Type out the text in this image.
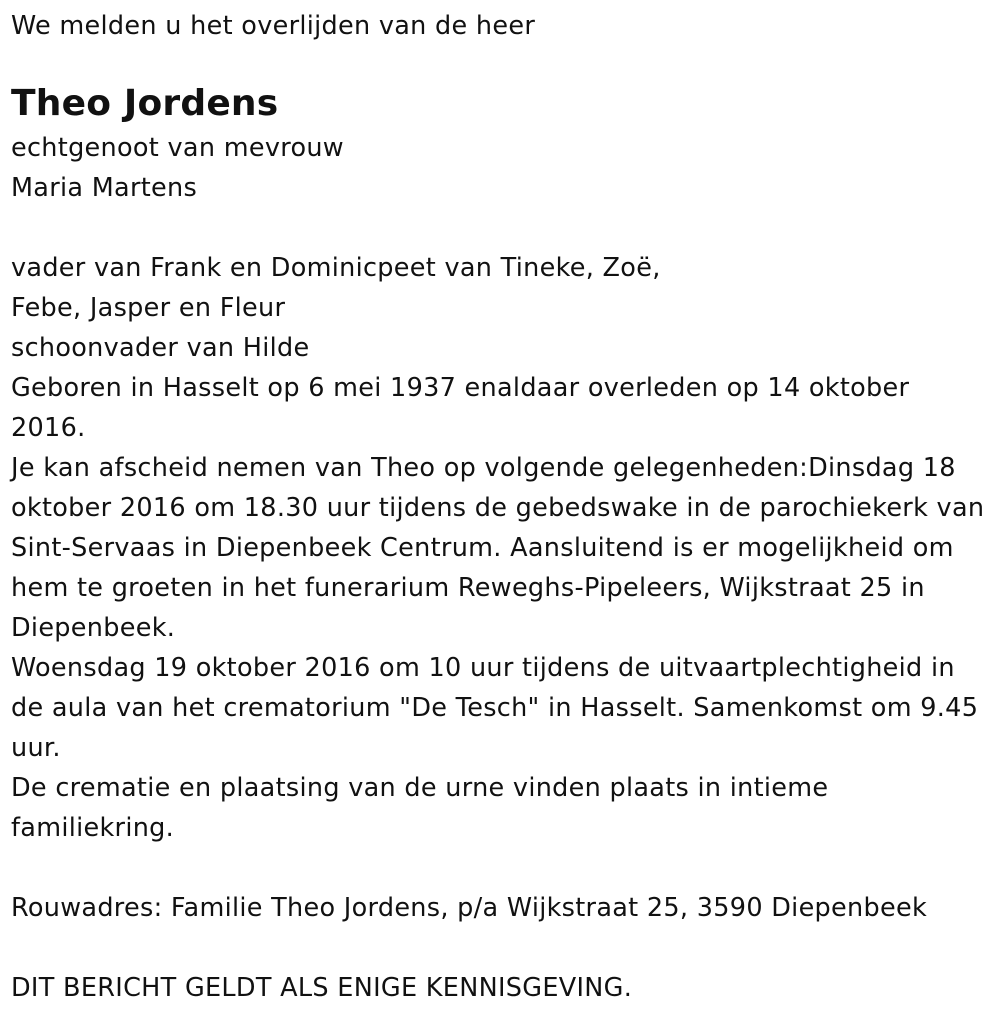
We melden u het overlijden van de heer
Theo Jordens
echtgenoot van mevrouw
Maria Martens
vader van Frank en Dominicpeet van Tineke, Zoë,
Febe, Jasper en Fleur
schoonvader van Hilde
Geboren in Hasselt op 6 mei 1937 enaldaar overleden op 14 oktober 2016.
Je kan afscheid nemen van Theo op volgende gelegenheden:Dinsdag 18 oktober 2016 om 18.30 uur tijdens de gebedswake in de parochiekerk van Sint-Servaas in Diepenbeek Centrum. Aansluitend is er mogelijkheid om hem te groeten in het funerarium Reweghs-Pipeleers, Wijkstraat 25 in Diepenbeek.
Woensdag 19 oktober 2016 om 10 uur tijdens de uitvaartplechtigheid in de aula van het crematorium "De Tesch" in Hasselt. Samenkomst om 9.45 uur.
De crematie en plaatsing van de urne vinden plaats in intieme familiekring.
Rouwadres: Familie Theo Jordens, p/a Wijkstraat 25, 3590 Diepenbeek
DIT BERICHT GELDT ALS ENIGE KENNISGEVING.
